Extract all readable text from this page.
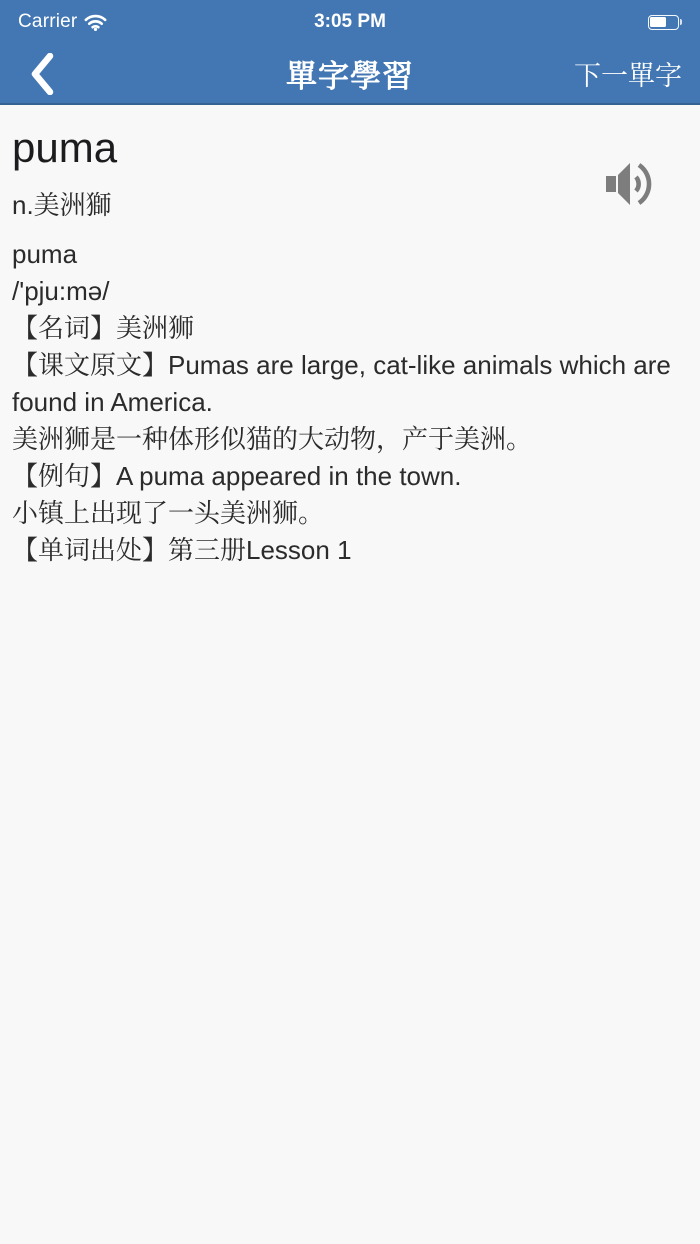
Carrier	3:05 PM
單字學習	下一單字
puma
n.美洲獅

puma

/'pju:mə/

【名词】美洲狮

【课文原文】Pumas are large, cat-like animals which are found in America.

美洲狮是一种体形似猫的大动物，产于美洲。

【例句】A puma appeared in the town.

小镇上出现了一头美洲狮。

【单词出处】第三册Lesson 1
